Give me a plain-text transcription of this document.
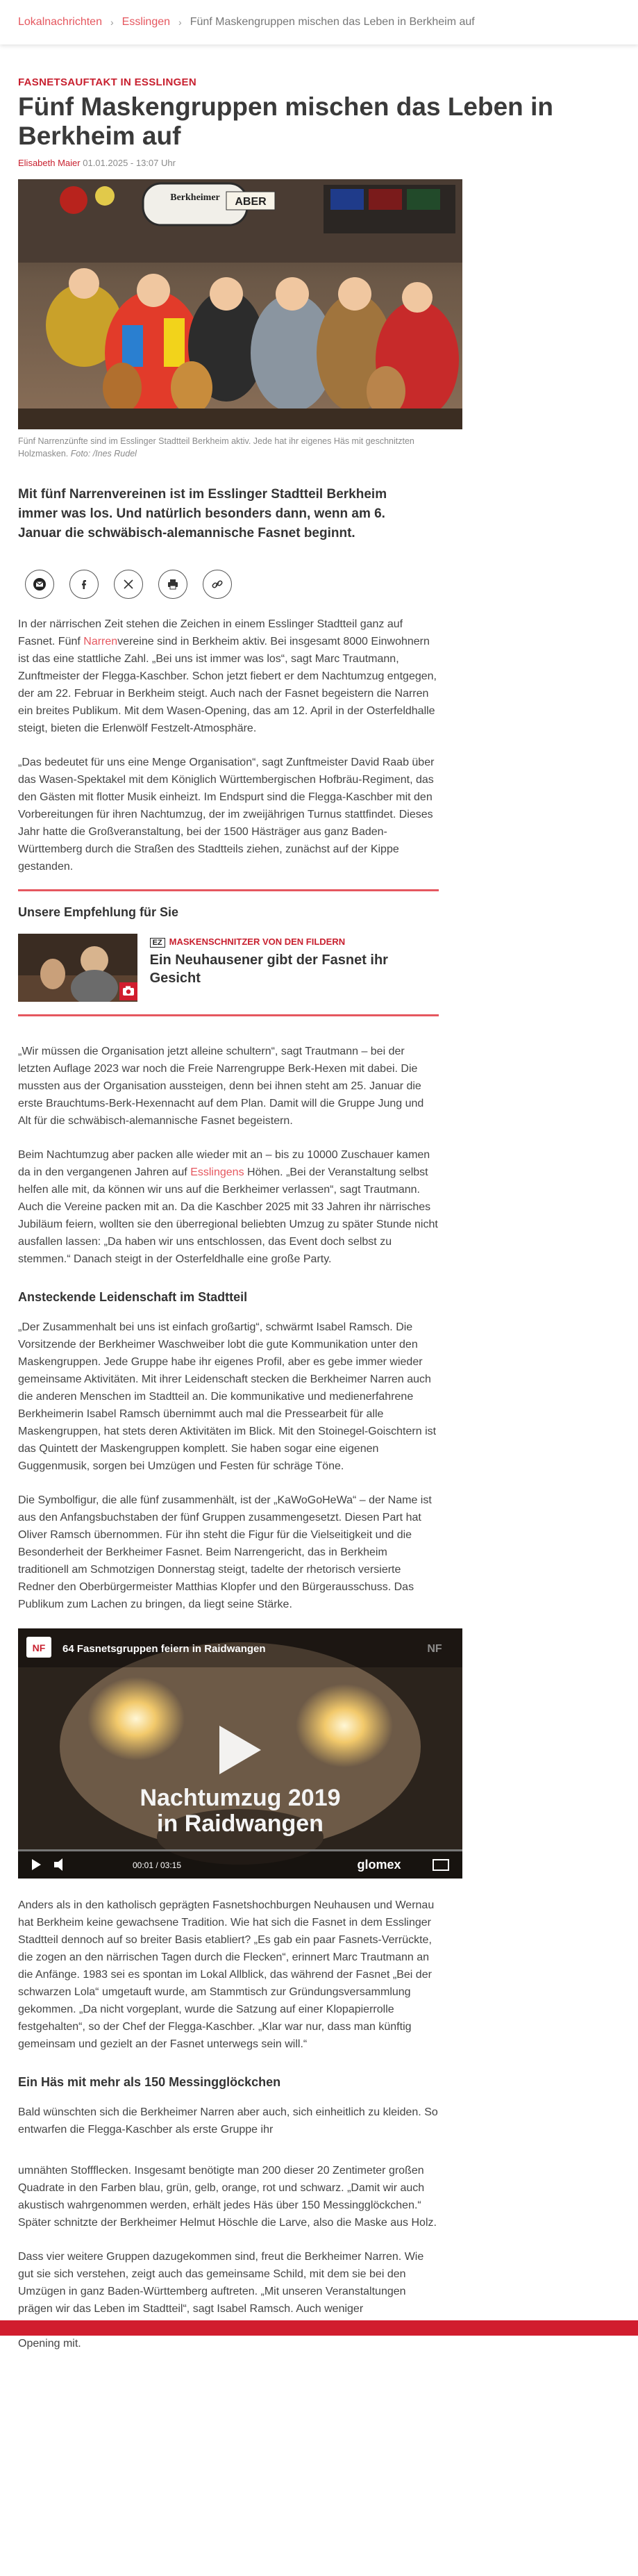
Lokalnachrichten › Esslingen › Fünf Maskengruppen mischen das Leben in Berkheim auf

FASNETSAUFTAKT IN ESSLINGEN

Fünf Maskengruppen mischen das Leben in Berkheim auf
Elisabeth Maier 01.01.2025 - 13:07 Uhr
Berkheimer ABER
Fünf Narrenzünfte sind im Esslinger Stadtteil Berkheim aktiv. Jede hat ihr eigenes Häs mit geschnitzten Holzmasken. Foto: /Ines Rudel

Mit fünf Narrenvereinen ist im Esslinger Stadtteil Berkheim immer was los. Und natürlich besonders dann, wenn am 6. Januar die schwäbisch-alemannische Fasnet beginnt.

In der närrischen Zeit stehen die Zeichen in einem Esslinger Stadtteil ganz auf Fasnet. Fünf Narrenvereine sind in Berkheim aktiv. Bei insgesamt 8000 Einwohnern ist das eine stattliche Zahl. „Bei uns ist immer was los“, sagt Marc Trautmann, Zunftmeister der Flegga-Kaschber. Schon jetzt fiebert er dem Nachtumzug entgegen, der am 22. Februar in Berkheim steigt. Auch nach der Fasnet begeistern die Narren ein breites Publikum. Mit dem Wasen-Opening, das am 12. April in der Osterfeldhalle steigt, bieten die Erlenwölf Festzelt-Atmosphäre.

„Das bedeutet für uns eine Menge Organisation“, sagt Zunftmeister David Raab über das Wasen-Spektakel mit dem Königlich Württembergischen Hofbräu-Regiment, das den Gästen mit flotter Musik einheizt. Im Endspurt sind die Flegga-Kaschber mit den Vorbereitungen für ihren Nachtumzug, der im zweijährigen Turnus stattfindet. Dieses Jahr hatte die Großveranstaltung, bei der 1500 Hästräger aus ganz Baden-Württemberg durch die Straßen des Stadtteils ziehen, zunächst auf der Kippe gestanden.

Unsere Empfehlung für Sie

EZ MASKENSCHNITZER VON DEN FILDERN
Ein Neuhausener gibt der Fasnet ihr Gesicht

„Wir müssen die Organisation jetzt alleine schultern“, sagt Trautmann – bei der letzten Auflage 2023 war noch die Freie Narrengruppe Berk-Hexen mit dabei. Die mussten aus der Organisation aussteigen, denn bei ihnen steht am 25. Januar die erste Brauchtums-Berk-Hexennacht auf dem Plan. Damit will die Gruppe Jung und Alt für die schwäbisch-alemannische Fasnet begeistern.

Beim Nachtumzug aber packen alle wieder mit an – bis zu 10000 Zuschauer kamen da in den vergangenen Jahren auf Esslingens Höhen. „Bei der Veranstaltung selbst helfen alle mit, da können wir uns auf die Berkheimer verlassen“, sagt Trautmann. Auch die Vereine packen mit an. Da die Kaschber 2025 mit 33 Jahren ihr närrisches Jubiläum feiern, wollten sie den überregional beliebten Umzug zu später Stunde nicht ausfallen lassen: „Da haben wir uns entschlossen, das Event doch selbst zu stemmen.“ Danach steigt in der Osterfeldhalle eine große Party.

Ansteckende Leidenschaft im Stadtteil

„Der Zusammenhalt bei uns ist einfach großartig“, schwärmt Isabel Ramsch. Die Vorsitzende der Berkheimer Waschweiber lobt die gute Kommunikation unter den Maskengruppen. Jede Gruppe habe ihr eigenes Profil, aber es gebe immer wieder gemeinsame Aktivitäten. Mit ihrer Leidenschaft stecken die Berkheimer Narren auch die anderen Menschen im Stadtteil an. Die kommunikative und medienerfahrene Berkheimerin Isabel Ramsch übernimmt auch mal die Pressearbeit für alle Maskengruppen, hat stets deren Aktivitäten im Blick. Mit den Stoinegel-Goischtern ist das Quintett der Maskengruppen komplett. Sie haben sogar eine eigenen Guggenmusik, sorgen bei Umzügen und Festen für schräge Töne.

Die Symbolfigur, die alle fünf zusammenhält, ist der „KaWoGoHeWa“ – der Name ist aus den Anfangsbuchstaben der fünf Gruppen zusammengesetzt. Diesen Part hat Oliver Ramsch übernommen. Für ihn steht die Figur für die Vielseitigkeit und die Besonderheit der Berkheimer Fasnet. Beim Narrengericht, das in Berkheim traditionell am Schmotzigen Donnerstag steigt, tadelte der rhetorisch versierte Redner den Oberbürgermeister Matthias Klopfer und den Bürgerausschuss. Das Publikum zum Lachen zu bringen, da liegt seine Stärke.

NF 64 Fasnetsgruppen feiern in Raidwangen	NF
Nachtumzug 2019
in Raidwangen
00:01 / 03:15	glomex

Anders als in den katholisch geprägten Fasnetshochburgen Neuhausen und Wernau hat Berkheim keine gewachsene Tradition. Wie hat sich die Fasnet in dem Esslinger Stadtteil dennoch auf so breiter Basis etabliert? „Es gab ein paar Fasnets-Verrückte, die zogen an den närrischen Tagen durch die Flecken“, erinnert Marc Trautmann an die Anfänge. 1983 sei es spontan im Lokal Allblick, das während der Fasnet „Bei der schwarzen Lola“ umgetauft wurde, am Stammtisch zur Gründungsversammlung gekommen. „Da nicht vorgeplant, wurde die Satzung auf einer Klopapierrolle festgehalten“, so der Chef der Flegga-Kaschber. „Klar war nur, dass man künftig gemeinsam und gezielt an der Fasnet unterwegs sein will.“

Ein Häs mit mehr als 150 Messingglöckchen

Bald wünschten sich die Berkheimer Narren aber auch, sich einheitlich zu kleiden. So entwarfen die Flegga-Kaschber als erste Gruppe ihr

umnähten Stoffflecken. Insgesamt benötigte man 200 dieser 20 Zentimeter großen Quadrate in den Farben blau, grün, gelb, orange, rot und schwarz. „Damit wir auch akustisch wahrgenommen werden, erhält jedes Häs über 150 Messingglöckchen.“ Später schnitzte der Berkheimer Helmut Höschle die Larve, also die Maske aus Holz.

Dass vier weitere Gruppen dazugekommen sind, freut die Berkheimer Narren. Wie gut sie sich verstehen, zeigt auch das gemeinsame Schild, mit dem sie bei den Umzügen in ganz Baden-Württemberg auftreten. „Mit unseren Veranstaltungen prägen wir das Leben im Stadtteil“, sagt Isabel Ramsch. Auch weniger Opening mit.
